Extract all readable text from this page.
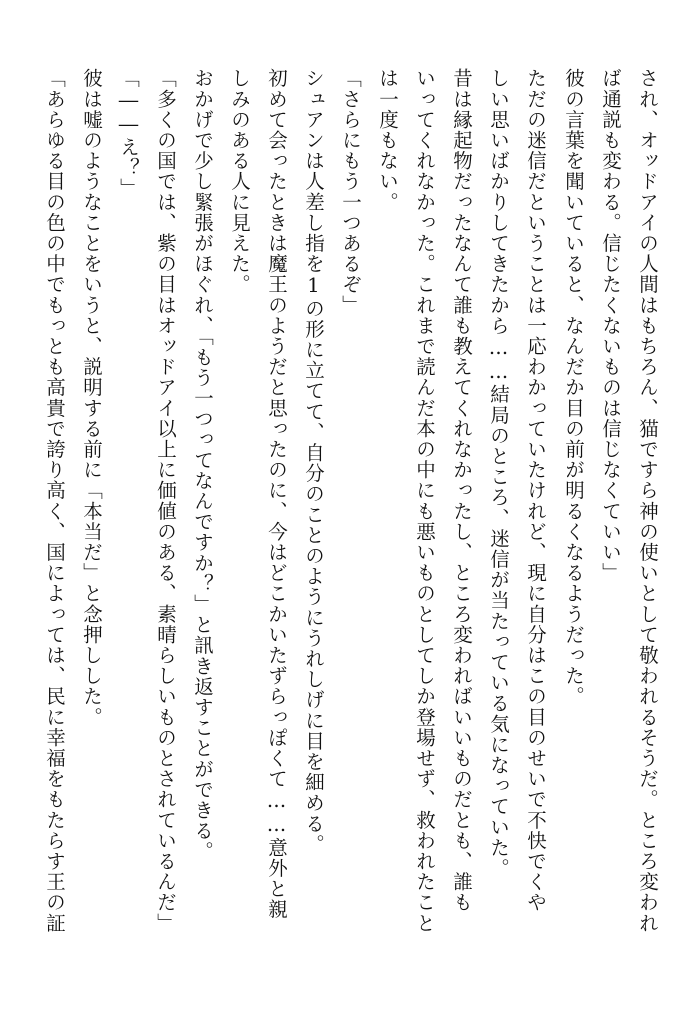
され、オッドアイの人間はもちろん、猫ですら神の使いとして敬われるそうだ。ところ変われ
ば通説も変わる。信じたくないものは信じなくていい」
彼の言葉を聞いていると、なんだか目の前が明るくなるようだった。
ただの迷信だということは一応わかっていたけれど、現に自分はこの目のせいで不快でくや
しい思いばかりしてきたから……結局のところ、迷信が当たっている気になっていた。
昔は縁起物だったなんて誰も教えてくれなかったし、ところ変わればいいものだとも、誰も
いってくれなかった。これまで読んだ本の中にも悪いものとしてしか登場せず、救われたこと
は一度もない。
「さらにもう一つあるぞ」
シュアンは人差し指を1の形に立てて、自分のことのようにうれしげに目を細める。
初めて会ったときは魔王のようだと思ったのに、今はどこかいたずらっぽくて……意外と親
しみのある人に見えた。
おかげで少し緊張がほぐれ、「もう一つってなんですか？」と訊き返すことができる。
「多くの国では、紫の目はオッドアイ以上に価値のある、素晴らしいものとされているんだ」
「――え？」
彼は嘘のようなことをいうと、説明する前に「本当だ」と念押しした。
「あらゆる目の色の中でもっとも高貴で誇り高く、国によっては、民に幸福をもたらす王の証
